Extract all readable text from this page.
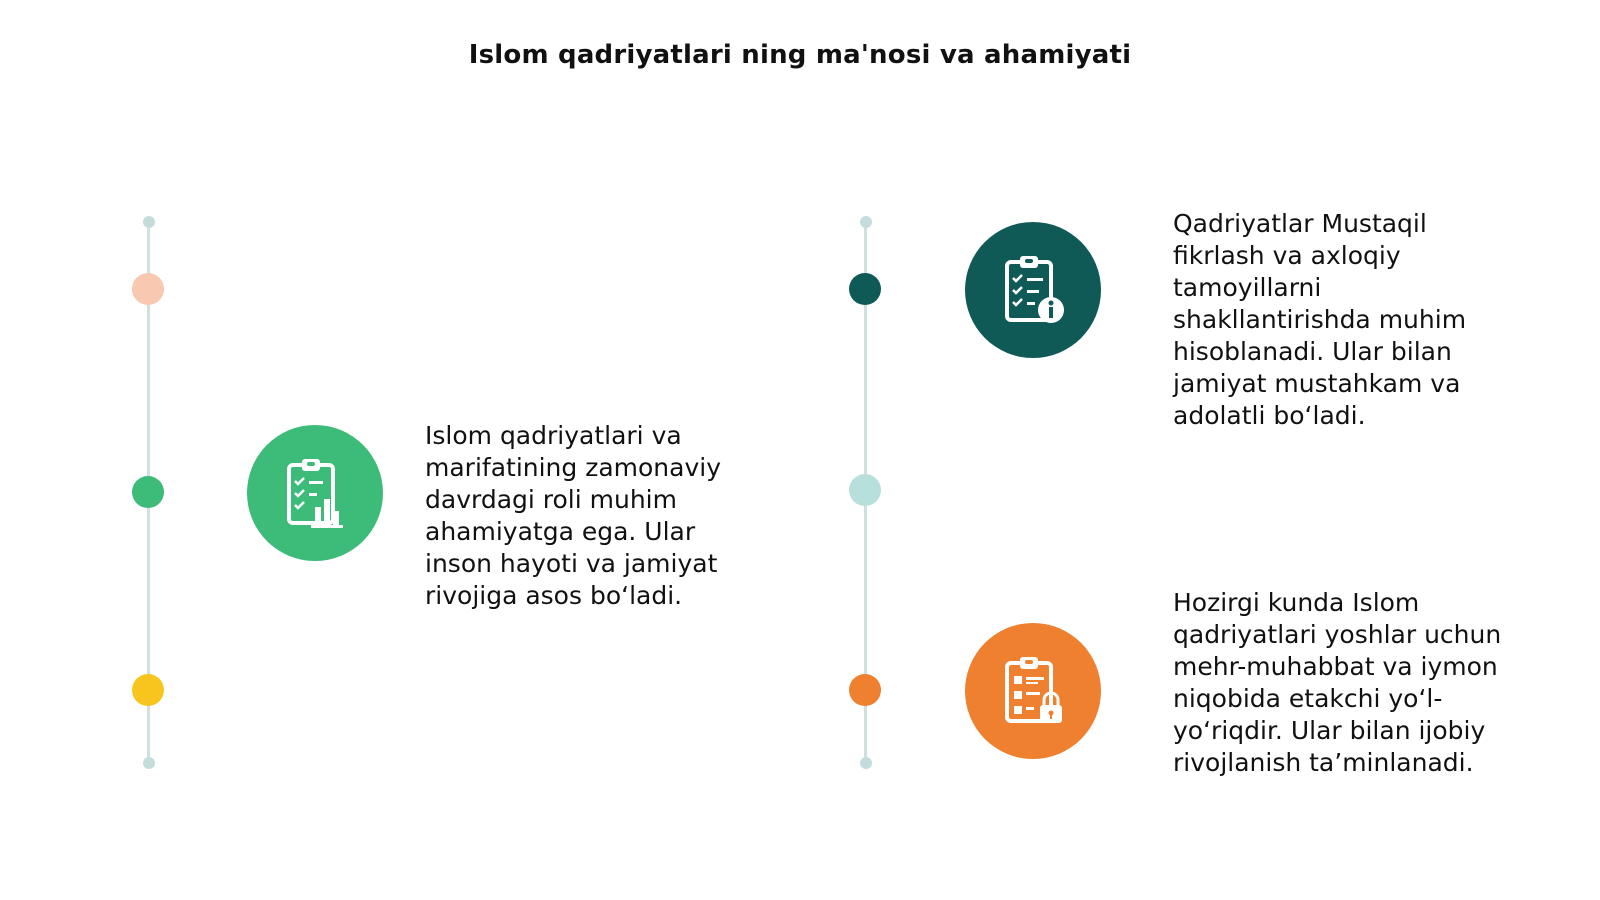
Islom qadriyatlari ning ma'nosi va ahamiyati
Islom qadriyatlari va marifatining zamonaviy davrdagi roli muhim ahamiyatga ega. Ular inson hayoti va jamiyat rivojiga asos bo‘ladi.
Qadriyatlar Mustaqil fikrlash va axloqiy tamoyillarni shakllantirishda muhim hisoblanadi. Ular bilan jamiyat mustahkam va adolatli bo‘ladi.
Hozirgi kunda Islom qadriyatlari yoshlar uchun mehr-muhabbat va iymon niqobida etakchi yo‘l-yo‘riqdir. Ular bilan ijobiy rivojlanish ta’minlanadi.
